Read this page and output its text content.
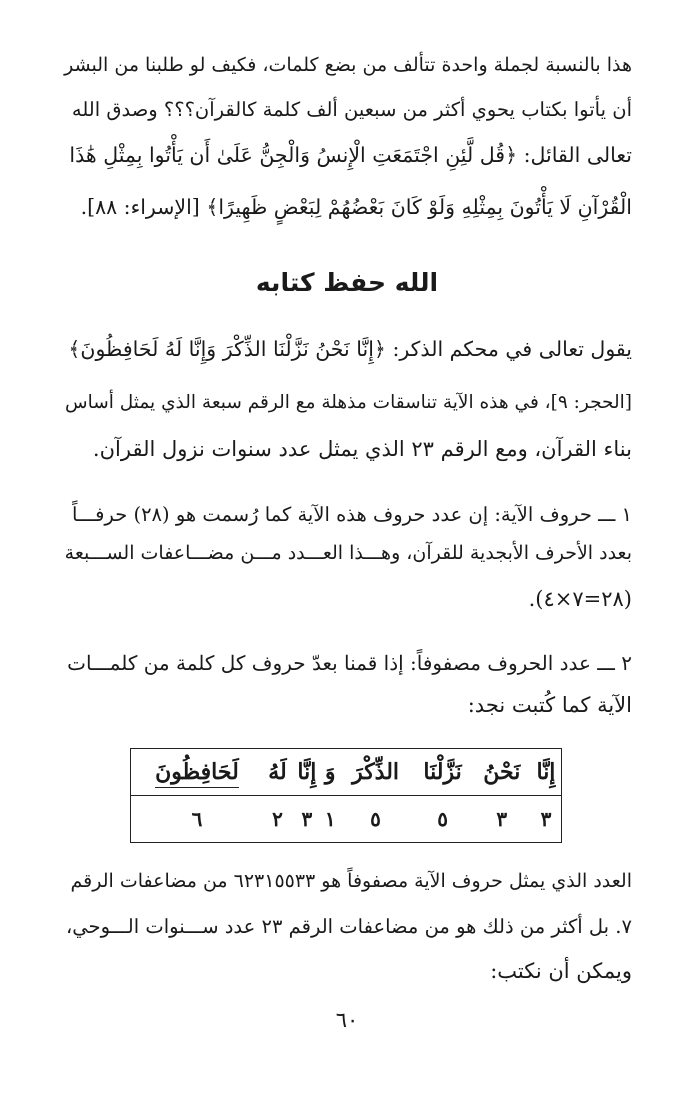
هذا بالنسبة لجملة واحدة تتألف من بضع كلمات، فكيف لو طلبنا من البشر
أن يأتوا بكتاب يحوي أكثر من سبعين ألف كلمة كالقرآن؟؟؟ وصدق الله
تعالى القائل: ﴿قُل لَّئِنِ اجْتَمَعَتِ الْإِنسُ وَالْجِنُّ عَلَىٰ أَن يَأْتُوا بِمِثْلِ هَٰذَا
الْقُرْآنِ لَا يَأْتُونَ بِمِثْلِهِ وَلَوْ كَانَ بَعْضُهُمْ لِبَعْضٍ ظَهِيرًا﴾ [الإسراء: ٨٨].
الله حفظ كتابه
يقول تعالى في محكم الذكر: ﴿إِنَّا نَحْنُ نَزَّلْنَا الذِّكْرَ وَإِنَّا لَهُ لَحَافِظُونَ﴾
[الحجر: ٩]، في هذه الآية تناسقات مذهلة مع الرقم سبعة الذي يمثل أساس
بناء القرآن، ومع الرقم ٢٣ الذي يمثل عدد سنوات نزول القرآن.
١ ـــ حروف الآية: إن عدد حروف هذه الآية كما رُسمت هو (٢٨) حرفـــاً
بعدد الأحرف الأبجدية للقرآن، وهـــذا العـــدد مـــن مضـــاعفات الســـبعة
(٢٨=٧×٤).
٢ ـــ عدد الحروف مصفوفاً: إذا قمنا بعدّ حروف كل كلمة من كلمـــات
الآية كما كُتبت نجد:
إِنَّا	نَحْنُ	نَزَّلْنَا	الذِّكْرَ	وَ	إِنَّا	لَهُ	لَحَافِظُونَ
٣	٣	٥	٥	١	٣	٢	٦
العدد الذي يمثل حروف الآية مصفوفاً هو ٦٢٣١٥٥٣٣ من مضاعفات الرقم
٧. بل أكثر من ذلك هو من مضاعفات الرقم ٢٣ عدد ســـنوات الـــوحي،
ويمكن أن نكتب:
٦٠
